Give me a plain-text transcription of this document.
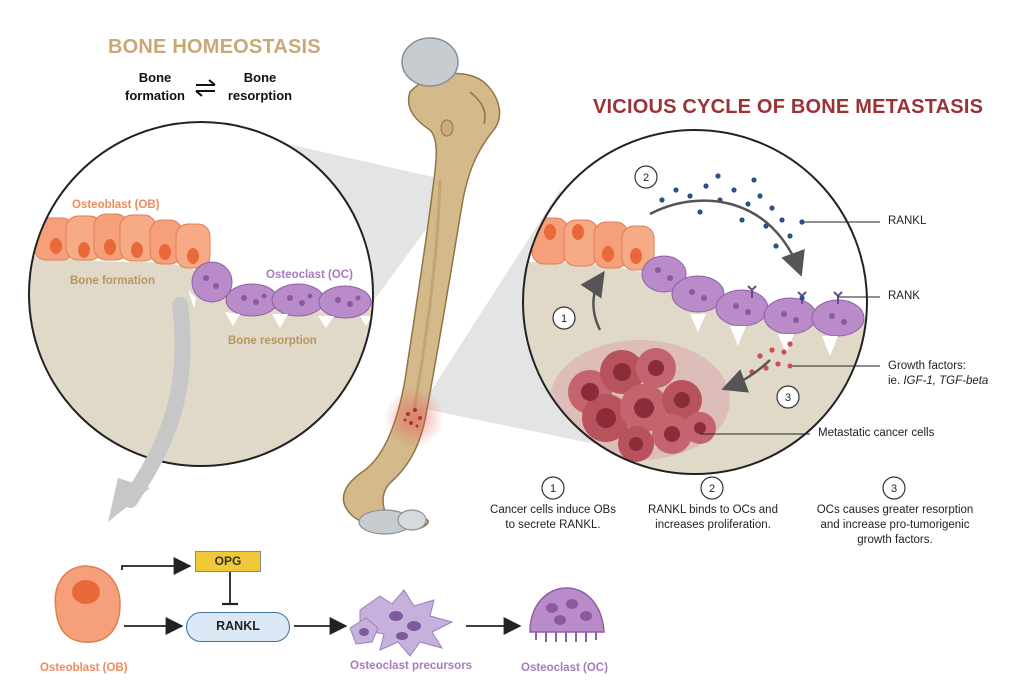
BONE HOMEOSTASIS
Bone
formation
Bone
resorption
VICIOUS CYCLE OF BONE METASTASIS
1
2
3
1	2	3
Osteoblast (OB)
Bone formation	Osteoclast (OC)
Bone resorption
RANKL
RANK
Growth factors:
ie. IGF-1, TGF-beta
Metastatic cancer cells
Cancer cells induce OBs
to secrete RANKL.
RANKL binds to OCs and
increases proliferation.
OCs causes greater resorption
and increase pro-tumorigenic
growth factors.
OPG
RANKL
Osteoblast (OB)	Osteoclast precursors	Osteoclast (OC)
